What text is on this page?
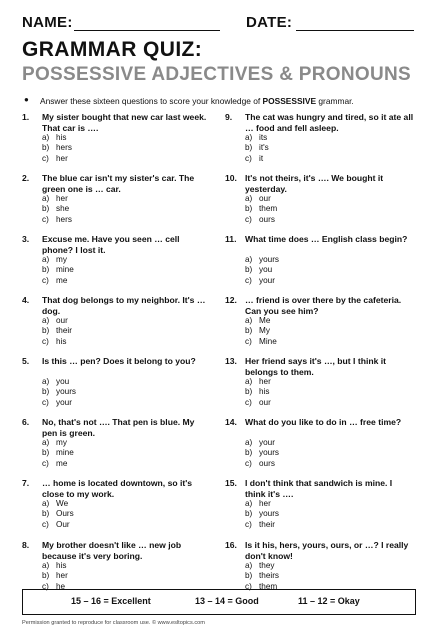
NAME:	DATE:
GRAMMAR QUIZ:
POSSESSIVE ADJECTIVES & PRONOUNS
● Answer these sixteen questions to score your knowledge of POSSESSIVE grammar.
1. My sister bought that new car last week. That car is ….
a) his
b) hers
c) her
2. The blue car isn't my sister's car. The green one is … car.
a) her
b) she
c) hers
3. Excuse me. Have you seen … cell phone? I lost it.
a) my
b) mine
c) me
4. That dog belongs to my neighbor. It's … dog.
a) our
b) their
c) his
5. Is this … pen? Does it belong to you?
a) you
b) yours
c) your
6. No, that's not …. That pen is blue. My pen is green.
a) my
b) mine
c) me
7. … home is located downtown, so it's close to my work.
a) We
b) Ours
c) Our
8. My brother doesn't like … new job because it's very boring.
a) his
b) her
c) he
9. The cat was hungry and tired, so it ate all … food and fell asleep.
a) its
b) it's
c) it
10. It's not theirs, it's …. We bought it yesterday.
a) our
b) them
c) ours
11. What time does … English class begin?
a) yours
b) you
c) your
12. … friend is over there by the cafeteria. Can you see him?
a) Me
b) My
c) Mine
13. Her friend says it's …, but I think it belongs to them.
a) her
b) his
c) our
14. What do you like to do in … free time?
a) your
b) yours
c) ours
15. I don't think that sandwich is mine. I think it's ….
a) her
b) yours
c) their
16. Is it his, hers, yours, ours, or …? I really don't know!
a) they
b) theirs
c) them
15 – 16 = Excellent	13 – 14 = Good	11 – 12 = Okay
Permission granted to reproduce for classroom use. © www.esltopics.com
